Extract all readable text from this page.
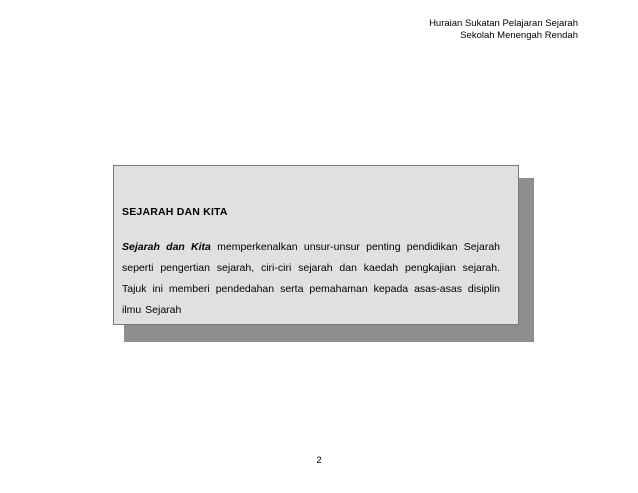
Huraian Sukatan Pelajaran Sejarah
Sekolah Menengah Rendah

SEJARAH DAN KITA

Sejarah dan Kita memperkenalkan unsur-unsur penting pendidikan Sejarah seperti pengertian sejarah, ciri-ciri sejarah dan kaedah pengkajian sejarah. Tajuk ini memberi pendedahan serta pemahaman kepada asas-asas disiplin ilmu Sejarah

2
